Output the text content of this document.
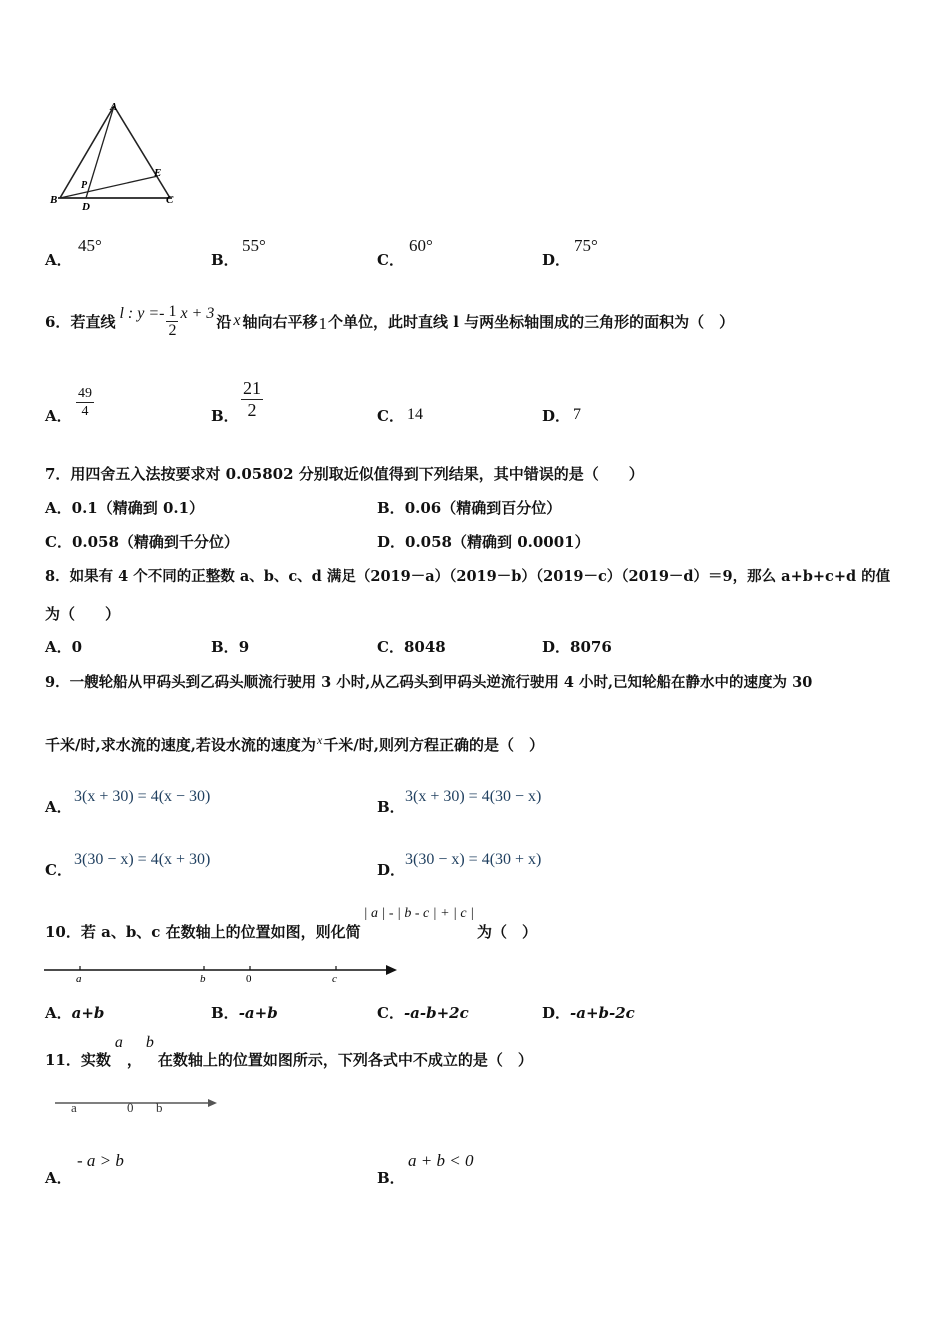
A
B	C
D
E
P
A．
45°
B．
55°
C．
60°
D．
75°
6． 若直线 l : $y =- \frac{1}{2}$ x + 3 沿 x 轴向右平移 1 个单位，此时直线 l 与两坐标轴围成的三角形的面积为（　）
A． $\frac{49}{4}$	B． $\frac{21}{2}$	C． 14	D． 7
7．用四舍五入法按要求对 0.05802 分别取近似值得到下列结果，其中错误的是（　　）
A．0.1（精确到 0.1）	B．0.06（精确到百分位）
C．0.058（精确到千分位）	D．0.058（精确到 0.0001）
8．如果有 4 个不同的正整数 a、b、c、d 满足（2019－a）（2019－b）（2019－c）（2019－d）＝9，那么 a+b+c+d 的值
为（　　）
A．0	B．9	C．8048	D．8076
9．一艘轮船从甲码头到乙码头顺流行驶用 3 小时,从乙码头到甲码头逆流行驶用 4 小时,已知轮船在静水中的速度为 30
千米/时,求水流的速度,若设水流的速度为$^x$千米/时,则列方程正确的是（　）
A．
3(x + 30) = 4(x − 30)
B．
3(x + 30) = 4(30 − x)
C．
3(30 − x) = 4(x + 30)
D．
3(30 − x) = 4(30 + x)
10．若 a、b、c 在数轴上的位置如图，则化简
| a | - | b - c | + | c |
为（　）
a	b	0	c
A．a+b	B．-a+b	C．-a-b+2c	D．-a+b-2c
11．实数
a
，
b
在数轴上的位置如图所示，下列各式中不成立的是（　）
a	0 b
A．
- a > b
B．
a + b < 0
